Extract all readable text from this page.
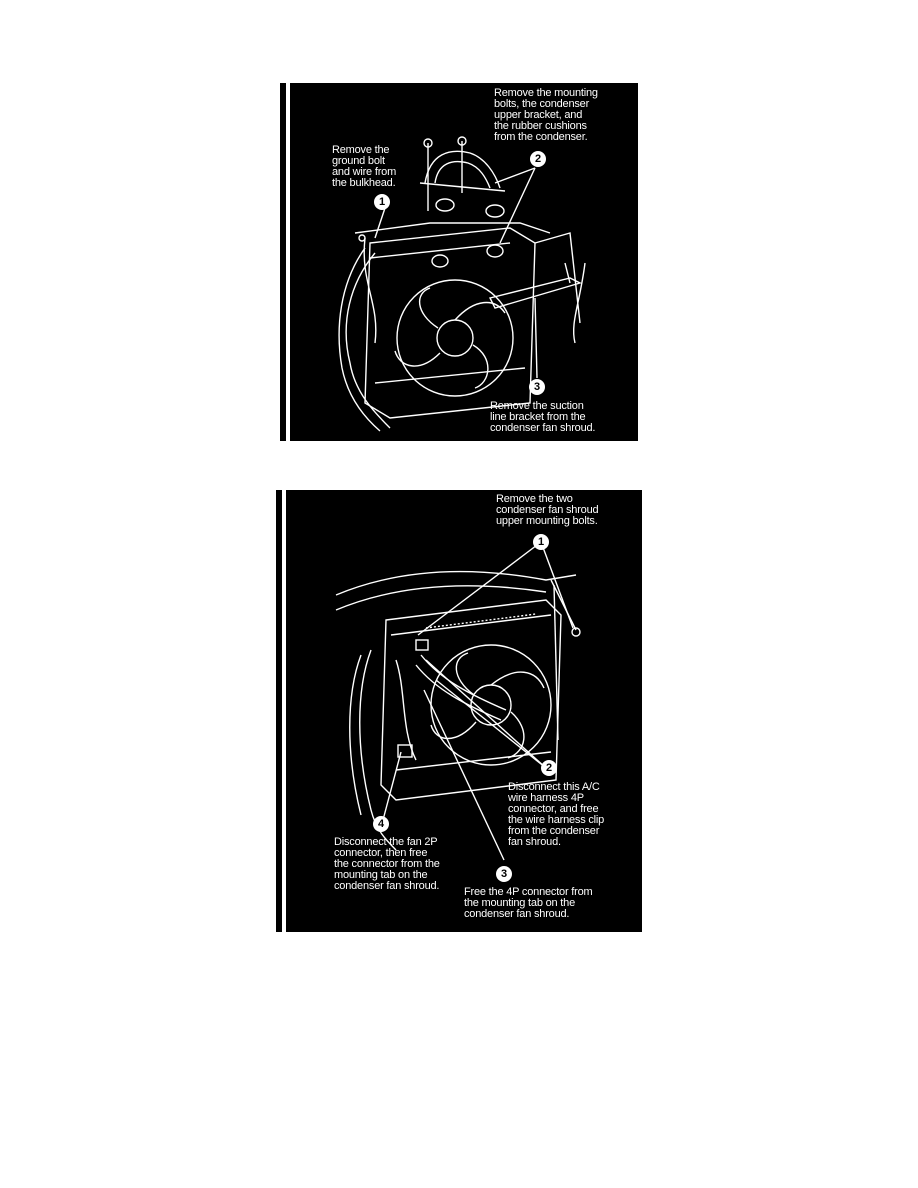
Remove the mounting
bolts, the condenser
upper bracket, and
the rubber cushions
from the condenser.
Remove the
ground bolt
and wire from
the bulkhead.
Remove the suction
line bracket from the
condenser fan shroud.
1
2
3
Remove the two
condenser fan shroud
upper mounting bolts.
Disconnect this A/C
wire harness 4P
connector, and free
the wire harness clip
from the condenser
fan shroud.
Disconnect the fan 2P
connector, then free
the connector from the
mounting tab on the
condenser fan shroud. Free the 4P connector from
the mounting tab on the
condenser fan shroud.
1
2
3
4
